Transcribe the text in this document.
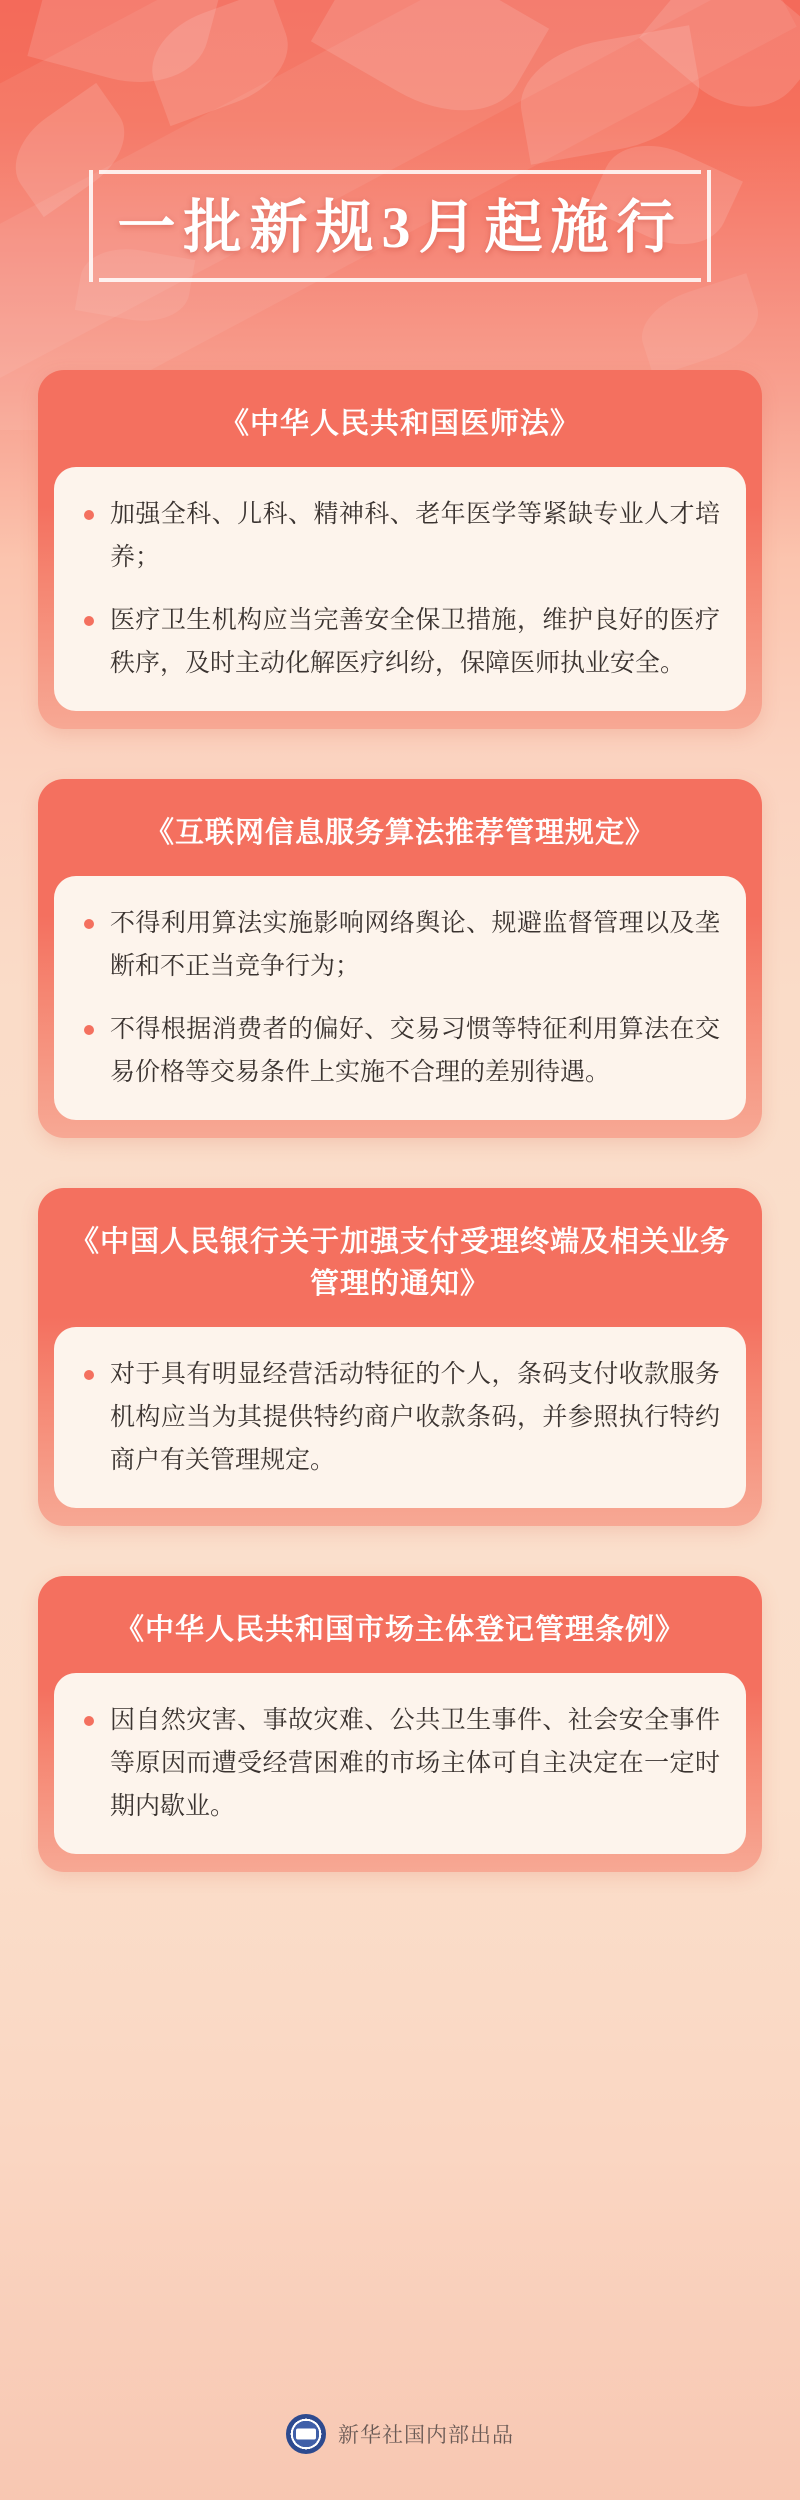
一批新规3月起施行
《中华人民共和国医师法》
加强全科、儿科、精神科、老年医学等紧缺专业人才培养；
医疗卫生机构应当完善安全保卫措施，维护良好的医疗秩序，及时主动化解医疗纠纷，保障医师执业安全。
《互联网信息服务算法推荐管理规定》
不得利用算法实施影响网络舆论、规避监督管理以及垄断和不正当竞争行为；
不得根据消费者的偏好、交易习惯等特征利用算法在交易价格等交易条件上实施不合理的差别待遇。
《中国人民银行关于加强支付受理终端及相关业务管理的通知》
对于具有明显经营活动特征的个人，条码支付收款服务机构应当为其提供特约商户收款条码，并参照执行特约商户有关管理规定。
《中华人民共和国市场主体登记管理条例》
因自然灾害、事故灾难、公共卫生事件、社会安全事件等原因而遭受经营困难的市场主体可自主决定在一定时期内歇业。
新华社国内部出品
